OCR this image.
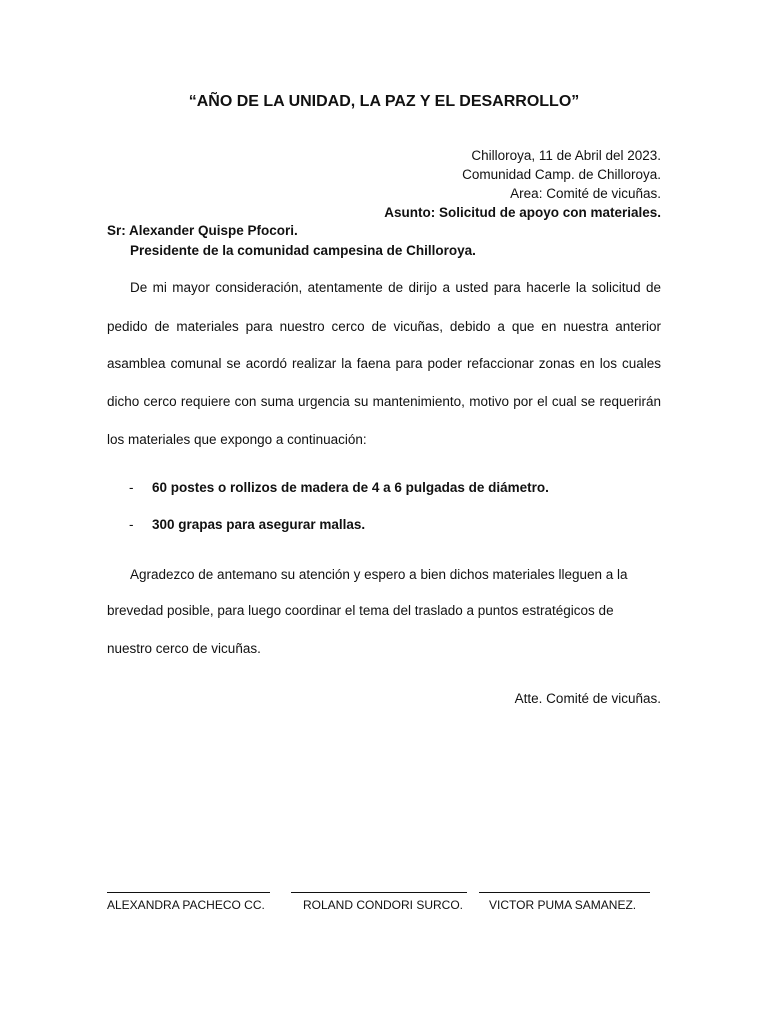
“AÑO DE LA UNIDAD, LA PAZ Y EL DESARROLLO”
Chilloroya, 11 de Abril del 2023.
Comunidad Camp. de Chilloroya.
Area: Comité de vicuñas.
Asunto: Solicitud de apoyo con materiales.
Sr: Alexander Quispe Pfocori.
Presidente de la comunidad campesina de Chilloroya.
De mi mayor consideración, atentamente de dirijo a usted para hacerle la solicitud de
pedido de materiales para nuestro cerco de vicuñas, debido a que en nuestra anterior
asamblea comunal se acordó realizar la faena para poder refaccionar zonas en los cuales
dicho cerco requiere con suma urgencia su mantenimiento, motivo por el cual se requerirán
los materiales que expongo a continuación:
- 60 postes o rollizos de madera de 4 a 6 pulgadas de diámetro.
- 300 grapas para asegurar mallas.
Agradezco de antemano su atención y espero a bien dichos materiales lleguen a la
brevedad posible, para luego coordinar el tema del traslado a puntos estratégicos de
nuestro cerco de vicuñas.
Atte. Comité de vicuñas.
ALEXANDRA PACHECO CC.	ROLAND CONDORI SURCO. VICTOR PUMA SAMANEZ.
